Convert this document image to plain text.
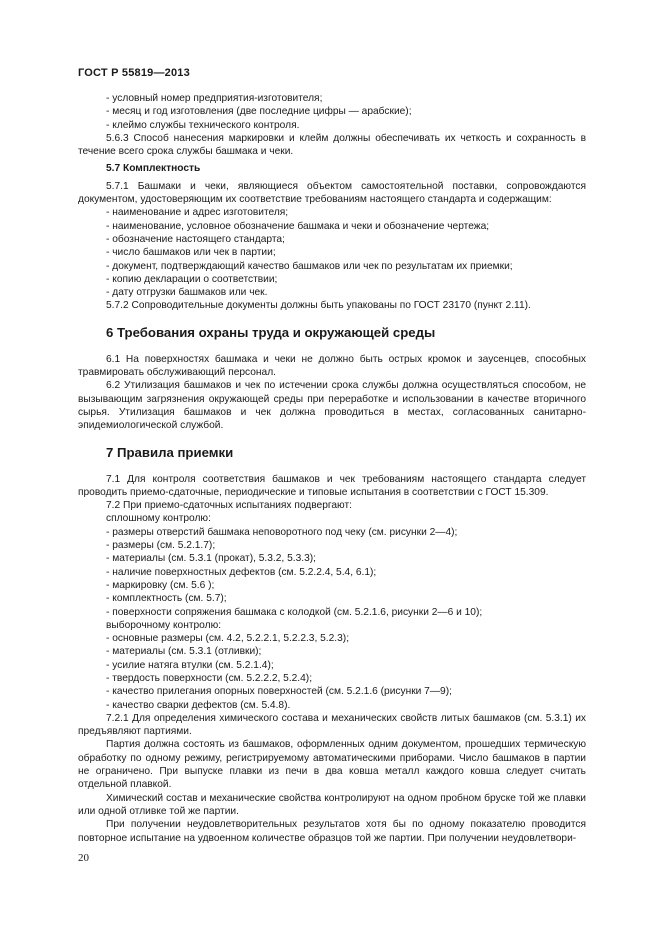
ГОСТ Р 55819—2013

- условный номер предприятия-изготовителя;

- месяц и год изготовления (две последние цифры — арабские);

- клеймо службы технического контроля.

5.6.3 Способ нанесения маркировки и клейм должны обеспечивать их четкость и сохранность в течение всего срока службы башмака и чеки.

5.7 Комплектность

5.7.1 Башмаки и чеки, являющиеся объектом самостоятельной поставки, сопровождаются документом, удостоверяющим их соответствие требованиям настоящего стандарта и содержащим:

- наименование и адрес изготовителя;

- наименование, условное обозначение башмака и чеки и обозначение чертежа;

- обозначение настоящего стандарта;

- число башмаков или чек в партии;

- документ, подтверждающий качество башмаков или чек по результатам их приемки;

- копию декларации о соответствии;

- дату отгрузки башмаков или чек.

5.7.2 Сопроводительные документы должны быть упакованы по ГОСТ 23170 (пункт 2.11).

6 Требования охраны труда и окружающей среды

6.1 На поверхностях башмака и чеки не должно быть острых кромок и заусенцев, способных травмировать обслуживающий персонал.

6.2 Утилизация башмаков и чек по истечении срока службы должна осуществляться способом, не вызывающим загрязнения окружающей среды при переработке и использовании в качестве вторичного сырья. Утилизация башмаков и чек должна проводиться в местах, согласованных санитарно-эпидемиологической службой.

7 Правила приемки

7.1 Для контроля соответствия башмаков и чек требованиям настоящего стандарта следует проводить приемо-сдаточные, периодические и типовые испытания в соответствии с ГОСТ 15.309.

7.2 При приемо-сдаточных испытаниях подвергают:

сплошному контролю:

- размеры отверстий башмака неповоротного под чеку (см. рисунки 2—4);

- размеры (см. 5.2.1.7);

- материалы (см. 5.3.1 (прокат), 5.3.2, 5.3.3);

- наличие поверхностных дефектов (см. 5.2.2.4, 5.4, 6.1);

- маркировку (см. 5.6 );

- комплектность (см. 5.7);

- поверхности сопряжения башмака с колодкой (см. 5.2.1.6, рисунки 2—6 и 10);

выборочному контролю:

- основные размеры (см. 4.2, 5.2.2.1, 5.2.2.3, 5.2.3);

- материалы (см. 5.3.1 (отливки);

- усилие натяга втулки (см. 5.2.1.4);

- твердость поверхности (см. 5.2.2.2, 5.2.4);

- качество прилегания опорных поверхностей (см. 5.2.1.6 (рисунки 7—9);

- качество сварки дефектов (см. 5.4.8).

7.2.1 Для определения химического состава и механических свойств литых башмаков (см. 5.3.1) их предъявляют партиями.

Партия должна состоять из башмаков, оформленных одним документом, прошедших термическую обработку по одному режиму, регистрируемому автоматическими приборами. Число башмаков в партии не ограничено. При выпуске плавки из печи в два ковша металл каждого ковша следует считать отдельной плавкой.

Химический состав и механические свойства контролируют на одном пробном бруске той же плавки или одной отливке той же партии.

При получении неудовлетворительных результатов хотя бы по одному показателю проводится повторное испытание на удвоенном количестве образцов той же партии. При получении неудовлетвори-

20
